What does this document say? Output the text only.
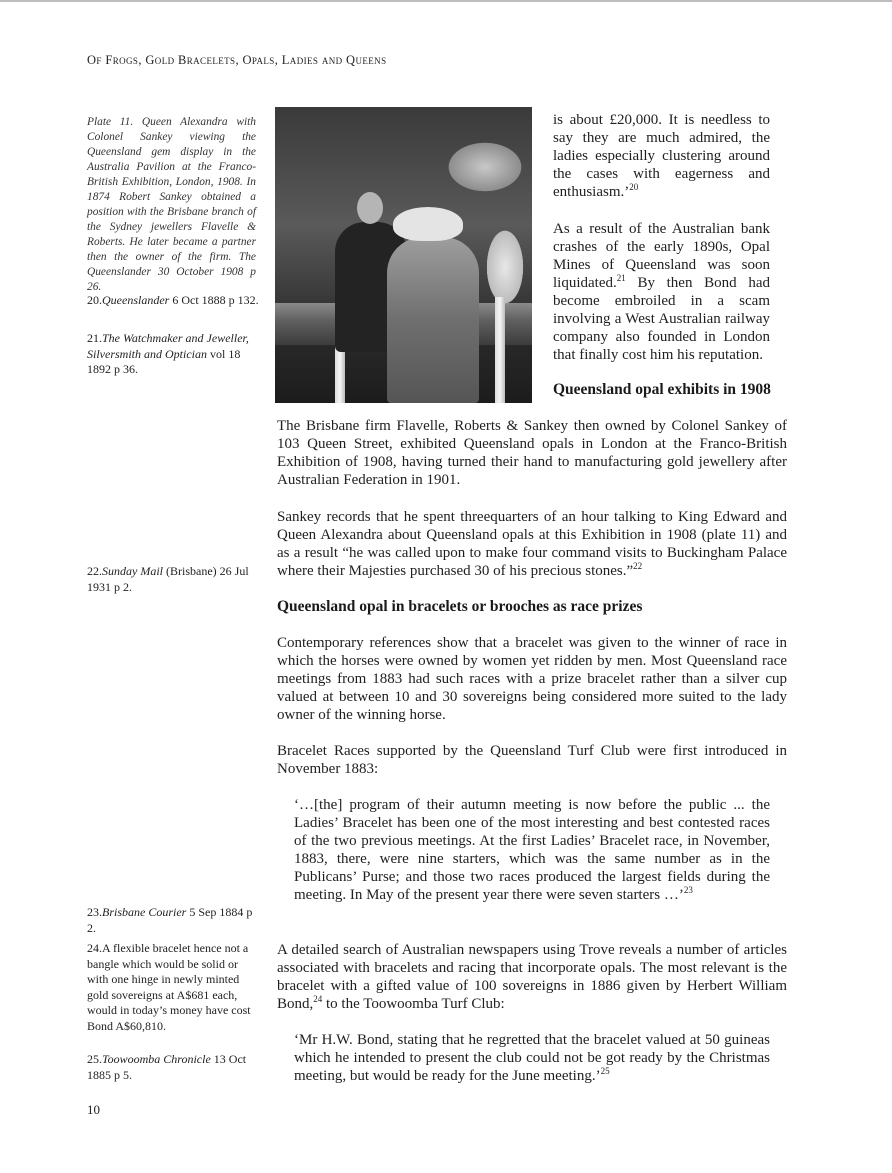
Of Frogs, Gold Bracelets, Opals, Ladies and Queens

Plate 11. Queen Alexandra with Colonel Sankey viewing the Queensland gem display in the Australia Pavilion at the Franco-British Exhibition, London, 1908. In 1874 Robert Sankey obtained a position with the Brisbane branch of the Sydney jewellers Flavelle & Roberts. He later became a partner then the owner of the firm. The Queenslander 30 October 1908 p 26.

20.Queenslander 6 Oct 1888 p 132.

21.The Watchmaker and Jeweller, Silversmith and Optician vol 18 1892 p 36.

22.Sunday Mail (Brisbane) 26 Jul 1931 p 2.

23.Brisbane Courier 5 Sep 1884 p 2.

24.A flexible bracelet hence not a bangle which would be solid or with one hinge in newly minted gold sovereigns at A$681 each, would in today’s money have cost Bond A$60,810.

25.Toowoomba Chronicle 13 Oct 1885 p 5.

is about £20,000. It is needless to say they are much admired, the ladies especially clustering around the cases with eagerness and enthusiasm.’$^{20}$

As a result of the Australian bank crashes of the early 1890s, Opal Mines of Queensland was soon liquidated.$^{21}$ By then Bond had become embroiled in a scam involving a West Australian railway company also founded in London that finally cost him his reputation.

Queensland opal exhibits in 1908

The Brisbane firm Flavelle, Roberts & Sankey then owned by Colonel Sankey of 103 Queen Street, exhibited Queensland opals in London at the Franco-British Exhibition of 1908, having turned their hand to manufacturing gold jewellery after Australian Federation in 1901.

Sankey records that he spent threequarters of an hour talking to King Edward and Queen Alexandra about Queensland opals at this Exhibition in 1908 (plate 11) and as a result “he was called upon to make four command visits to Buckingham Palace where their Majesties purchased 30 of his precious stones.”$^{22}$

Queensland opal in bracelets or brooches as race prizes

Contemporary references show that a bracelet was given to the winner of race in which the horses were owned by women yet ridden by men. Most Queensland race meetings from 1883 had such races with a prize bracelet rather than a silver cup valued at between 10 and 30 sovereigns being considered more suited to the lady owner of the winning horse.

Bracelet Races supported by the Queensland Turf Club were first introduced in November 1883:

‘…[the] program of their autumn meeting is now before the public ... the Ladies’ Bracelet has been one of the most interesting and best contested races of the two previous meetings. At the first Ladies’ Bracelet race, in November, 1883, there, were nine starters, which was the same number as in the Publicans’ Purse; and those two races produced the largest fields during the meeting. In May of the present year there were seven starters …’$^{23}$

A detailed search of Australian newspapers using Trove reveals a number of articles associated with bracelets and racing that incorporate opals. The most relevant is the bracelet with a gifted value of 100 sovereigns in 1886 given by Herbert William Bond,$^{24}$ to the Toowoomba Turf Club:

‘Mr H.W. Bond, stating that he regretted that the bracelet valued at 50 guineas which he intended to present the club could not be got ready by the Christmas meeting, but would be ready for the June meeting.’$^{25}$

10
